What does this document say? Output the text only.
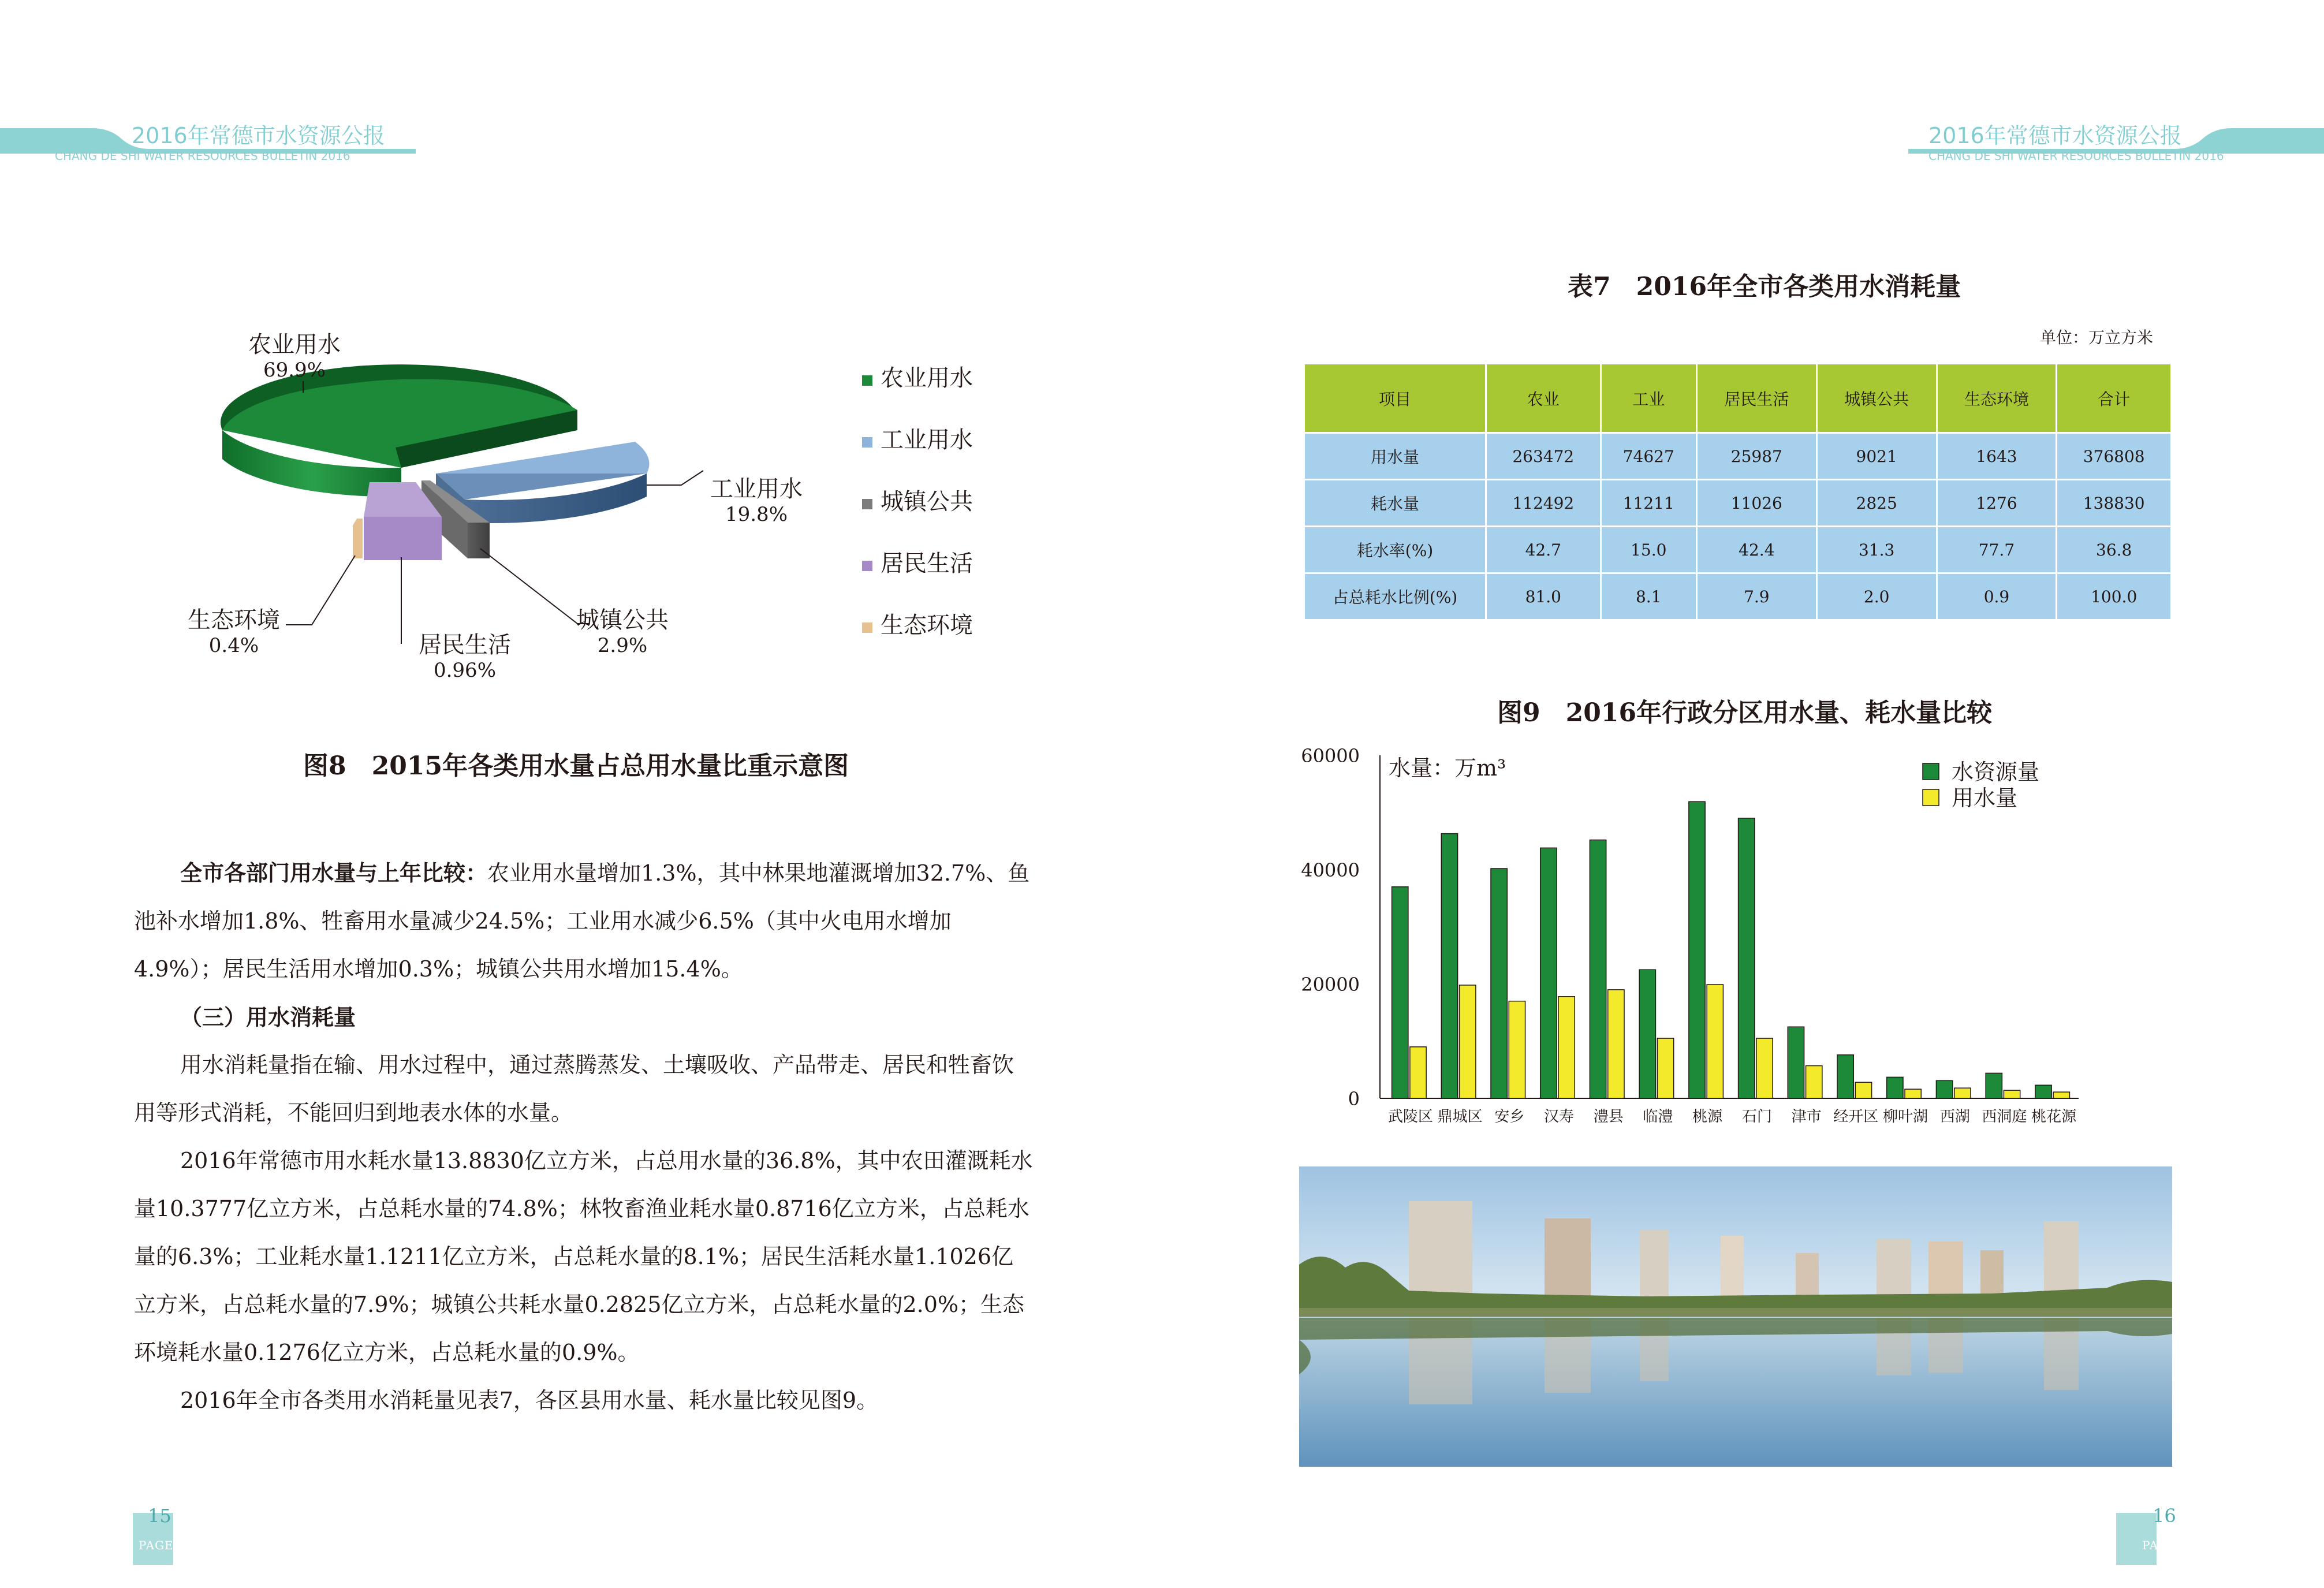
2016年常德市水资源公报
CHANG DE SHI WATER RESOURCES BULLETIN 2016
2016年常德市水资源公报
CHANG DE SHI WATER RESOURCES BULLETIN 2016
农业用水
69.9%
工业用水
19.8%
城镇公共
2.9%
居民生活
0.96%
生态环境
0.4%
农业用水
工业用水
城镇公共
居民生活
生态环境
图8　2015年各类用水量占总用水量比重示意图

全市各部门用水量与上年比较：农业用水量增加1.3%，其中林果地灌溉增加32.7%、鱼池补水增加1.8%、牲畜用水量减少24.5%；工业用水减少6.5%（其中火电用水增加4.9%）；居民生活用水增加0.3%；城镇公共用水增加15.4%。

（三）用水消耗量

用水消耗量指在输、用水过程中，通过蒸腾蒸发、土壤吸收、产品带走、居民和牲畜饮用等形式消耗，不能回归到地表水体的水量。

2016年常德市用水耗水量13.8830亿立方米，占总用水量的36.8%，其中农田灌溉耗水量10.3777亿立方米，占总耗水量的74.8%；林牧畜渔业耗水量0.8716亿立方米，占总耗水量的6.3%；工业耗水量1.1211亿立方米，占总耗水量的8.1%；居民生活耗水量1.1026亿立方米，占总耗水量的7.9%；城镇公共耗水量0.2825亿立方米，占总耗水量的2.0%；生态环境耗水量0.1276亿立方米，占总耗水量的0.9%。

2016年全市各类用水消耗量见表7，各区县用水量、耗水量比较见图9。

表7　2016年全市各类用水消耗量
单位：万立方米
项目	农业	工业	居民生活	城镇公共	生态环境	合计
用水量	263472	74627	25987	9021	1643	376808
耗水量	112492	11211	11026	2825	1276	138830
耗水率(%)	42.7	15.0	42.4	31.3	77.7	36.8
占总耗水比例(%)	81.0	8.1	7.9	2.0	0.9	100.0
图9　2016年行政分区用水量、耗水量比较
0
20000
40000
60000 水量：万m³
武陵区 鼎城区 安乡 汉寿 澧县 临澧 桃源 石门 津市 经开区 柳叶湖 西湖 西洞庭 桃花源
水资源量
用水量
15
PAGE
16
PAGE
